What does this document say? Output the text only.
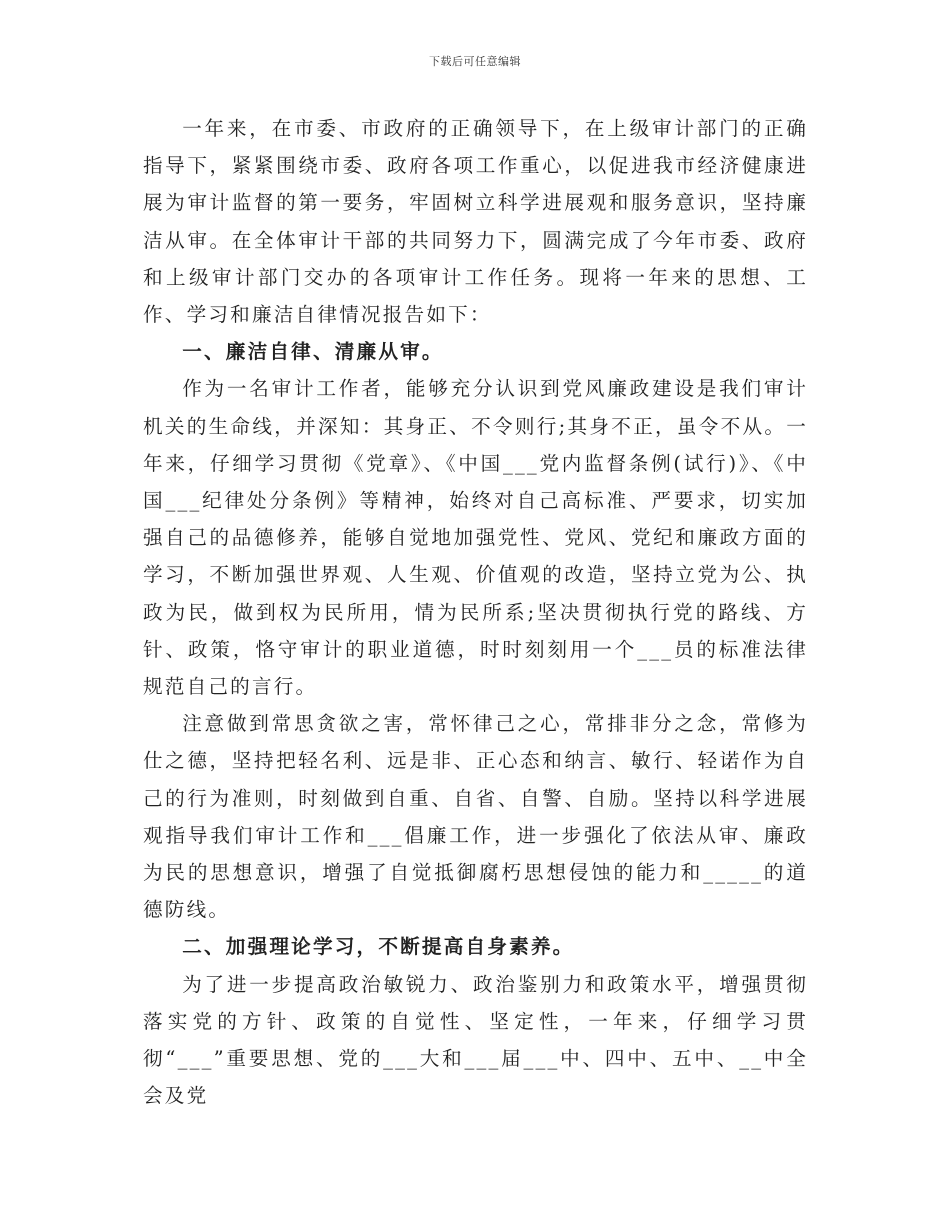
下载后可任意编辑

一年来，在市委、市政府的正确领导下，在上级审计部门的正确指导下，紧紧围绕市委、政府各项工作重心，以促进我市经济健康进展为审计监督的第一要务，牢固树立科学进展观和服务意识，坚持廉洁从审。在全体审计干部的共同努力下，圆满完成了今年市委、政府和上级审计部门交办的各项审计工作任务。现将一年来的思想、工作、学习和廉洁自律情况报告如下：

一、廉洁自律、清廉从审。

作为一名审计工作者，能够充分认识到党风廉政建设是我们审计机关的生命线，并深知：其身正、不令则行;其身不正，虽令不从。一年来，仔细学习贯彻《党章》、《中国___党内监督条例(试行)》、《中国___纪律处分条例》等精神，始终对自己高标准、严要求，切实加强自己的品德修养，能够自觉地加强党性、党风、党纪和廉政方面的学习，不断加强世界观、人生观、价值观的改造，坚持立党为公、执政为民，做到权为民所用，情为民所系;坚决贯彻执行党的路线、方针、政策，恪守审计的职业道德，时时刻刻用一个___员的标准法律规范自己的言行。

注意做到常思贪欲之害，常怀律己之心，常排非分之念，常修为仕之德，坚持把轻名利、远是非、正心态和纳言、敏行、轻诺作为自己的行为准则，时刻做到自重、自省、自警、自励。坚持以科学进展观指导我们审计工作和___倡廉工作，进一步强化了依法从审、廉政为民的思想意识，增强了自觉抵御腐朽思想侵蚀的能力和_____的道德防线。

二、加强理论学习，不断提高自身素养。

为了进一步提高政治敏锐力、政治鉴别力和政策水平，增强贯彻落实党的方针、政策的自觉性、坚定性，一年来，仔细学习贯彻“___”重要思想、党的___大和___届___中、四中、五中、__中全会及党
